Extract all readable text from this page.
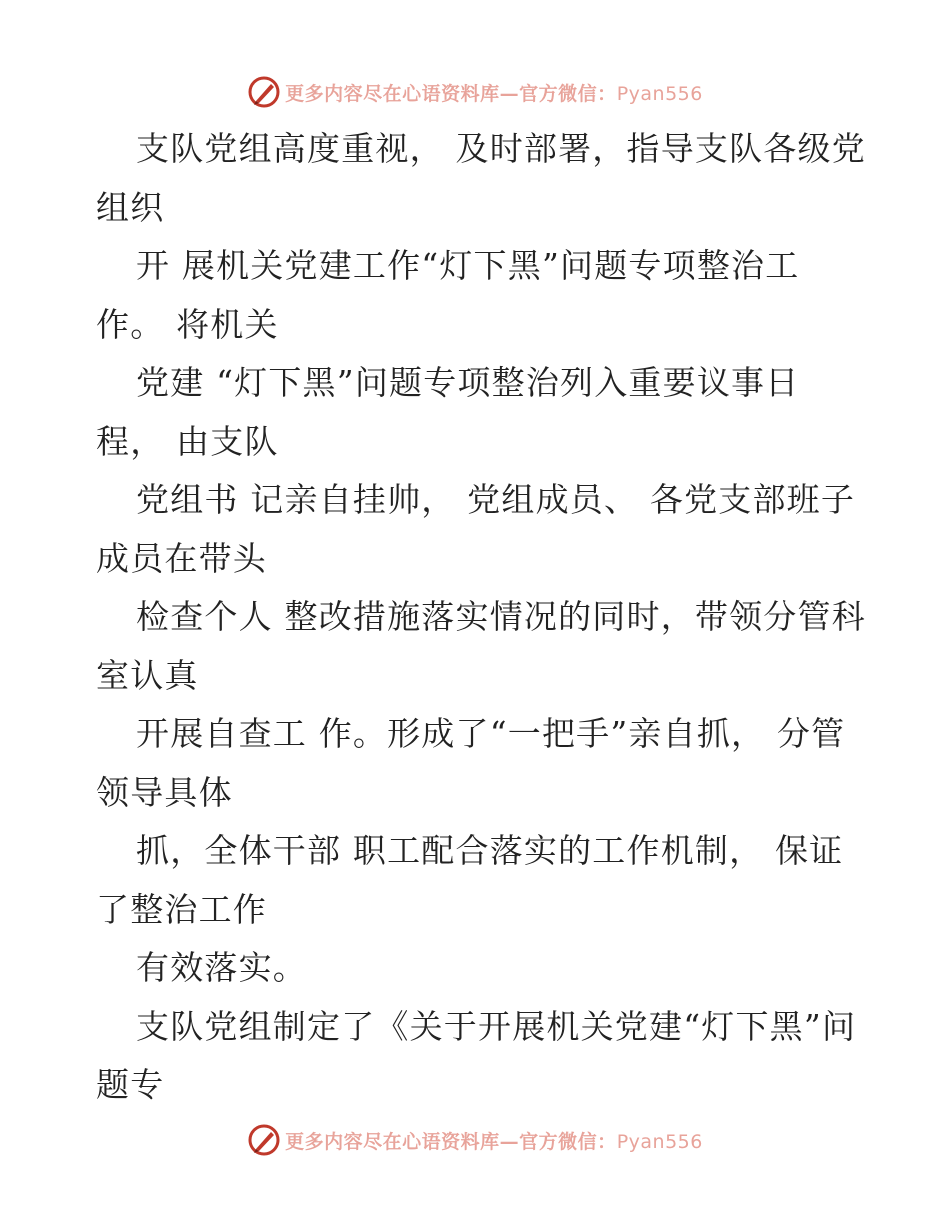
更多内容尽在心语资料库—官方微信：Pyan556

支队党组高度重视， 及时部署，指导支队各级党组织

开 展机关党建工作“灯下黑”问题专项整治工作。 将机关

党建 “灯下黑”问题专项整治列入重要议事日程， 由支队

党组书 记亲自挂帅， 党组成员、 各党支部班子成员在带头

检查个人 整改措施落实情况的同时，带领分管科室认真

开展自查工 作。形成了“一把手”亲自抓， 分管领导具体

抓，全体干部 职工配合落实的工作机制， 保证了整治工作

有效落实。

支队党组制定了《关于开展机关党建“灯下黑”问题专

更多内容尽在心语资料库—官方微信：Pyan556
